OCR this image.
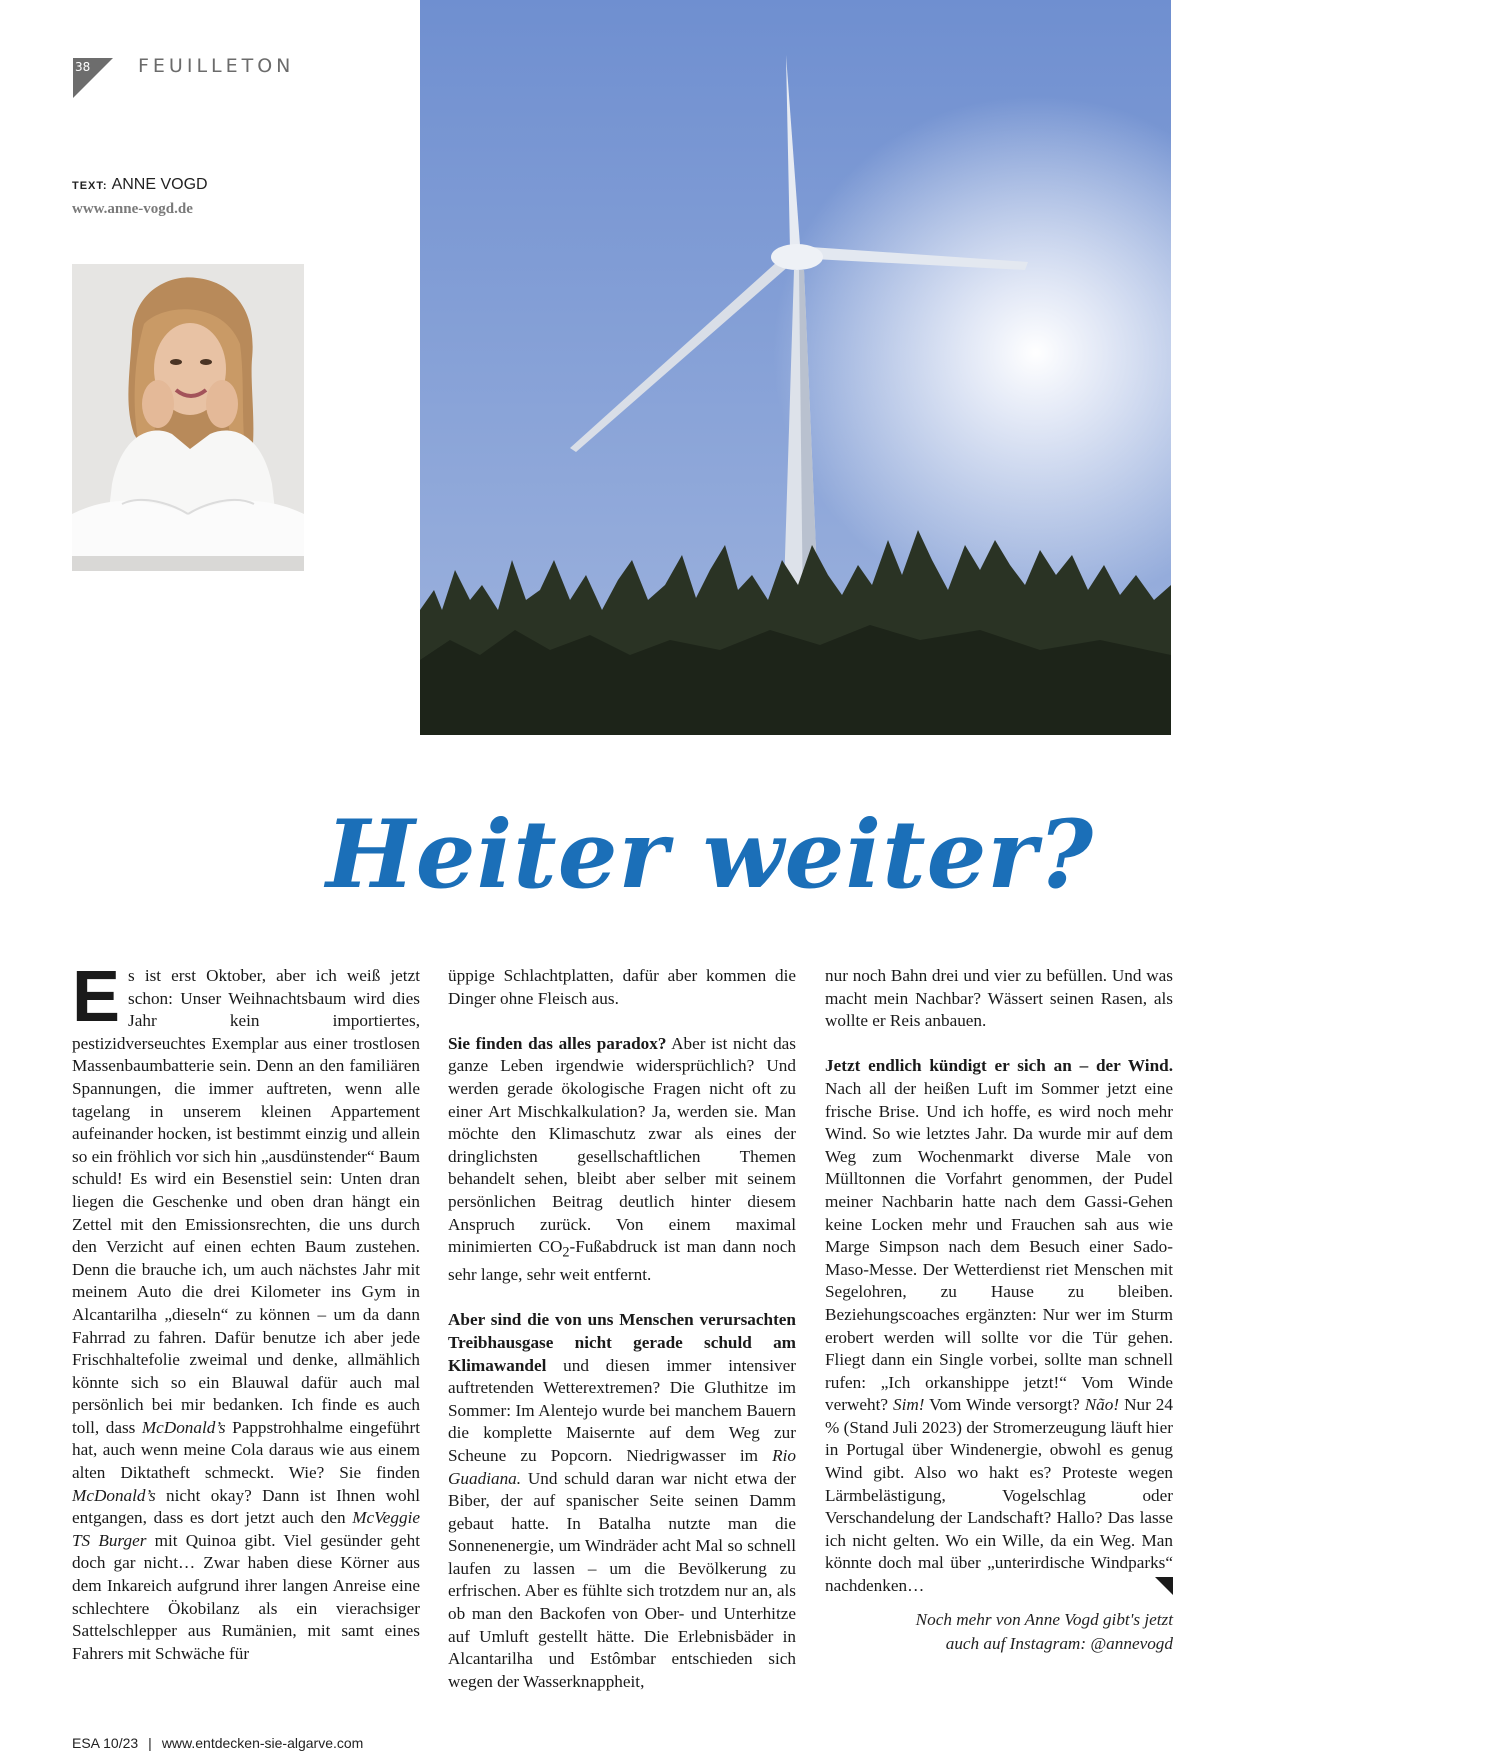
38	FEUILLETON
TEXT: ANNE VOGD
www.anne-vogd.de
Heiter weiter?

Es ist erst Oktober, aber ich weiß jetzt schon: Unser Weihnachtsbaum wird dies Jahr kein importiertes, pestizidverseuchtes Exemplar aus einer trostlosen Massenbaumbatterie sein. Denn an den familiären Spannungen, die immer auftreten, wenn alle tagelang in unserem kleinen Appartement aufeinander hocken, ist bestimmt einzig und allein so ein fröhlich vor sich hin „ausdünstender“ Baum schuld! Es wird ein Besenstiel sein: Unten dran liegen die Geschenke und oben dran hängt ein Zettel mit den Emissionsrechten, die uns durch den Verzicht auf einen echten Baum zustehen. Denn die brauche ich, um auch nächstes Jahr mit meinem Auto die drei Kilometer ins Gym in Alcantarilha „dieseln“ zu können – um da dann Fahrrad zu fahren. Dafür benutze ich aber jede Frischhaltefolie zweimal und denke, allmählich könnte sich so ein Blauwal dafür auch mal persönlich bei mir bedanken. Ich finde es auch toll, dass McDonald’s Pappstrohhalme eingeführt hat, auch wenn meine Cola daraus wie aus einem alten Diktatheft schmeckt. Wie? Sie finden McDonald’s nicht okay? Dann ist Ihnen wohl entgangen, dass es dort jetzt auch den McVeggie TS Burger mit Quinoa gibt. Viel gesünder geht doch gar nicht… Zwar haben diese Körner aus dem Inkareich aufgrund ihrer langen Anreise eine schlechtere Ökobilanz als ein vierachsiger Sattelschlepper aus Rumänien, mit samt eines Fahrers mit Schwäche für

üppige Schlachtplatten, dafür aber kommen die Dinger ohne Fleisch aus.

Sie finden das alles paradox? Aber ist nicht das ganze Leben irgendwie widersprüchlich? Und werden gerade ökologische Fragen nicht oft zu einer Art Mischkalkulation? Ja, werden sie. Man möchte den Klimaschutz zwar als eines der dringlichsten gesellschaftlichen Themen behandelt sehen, bleibt aber selber mit seinem persönlichen Beitrag deutlich hinter diesem Anspruch zurück. Von einem maximal minimierten $CO_2$-Fußabdruck ist man dann noch sehr lange, sehr weit entfernt.

Aber sind die von uns Menschen verursachten Treibhausgase nicht gerade schuld am Klimawandel und diesen immer intensiver auftretenden Wetterextremen? Die Gluthitze im Sommer: Im Alentejo wurde bei manchem Bauern die komplette Maisernte auf dem Weg zur Scheune zu Popcorn. Niedrigwasser im Rio Guadiana. Und schuld daran war nicht etwa der Biber, der auf spanischer Seite seinen Damm gebaut hatte. In Batalha nutzte man die Sonnenenergie, um Windräder acht Mal so schnell laufen zu lassen – um die Bevölkerung zu erfrischen. Aber es fühlte sich trotzdem nur an, als ob man den Backofen von Ober- und Unterhitze auf Umluft gestellt hätte. Die Erlebnisbäder in Alcantarilha und Estômbar entschieden sich wegen der Wasserknappheit,

nur noch Bahn drei und vier zu befüllen. Und was macht mein Nachbar? Wässert seinen Rasen, als wollte er Reis anbauen.

Jetzt endlich kündigt er sich an – der Wind. Nach all der heißen Luft im Sommer jetzt eine frische Brise. Und ich hoffe, es wird noch mehr Wind. So wie letztes Jahr. Da wurde mir auf dem Weg zum Wochenmarkt diverse Male von Mülltonnen die Vorfahrt genommen, der Pudel meiner Nachbarin hatte nach dem Gassi-Gehen keine Locken mehr und Frauchen sah aus wie Marge Simpson nach dem Besuch einer Sado-Maso-Messe. Der Wetterdienst riet Menschen mit Segelohren, zu Hause zu bleiben. Beziehungscoaches ergänzten: Nur wer im Sturm erobert werden will sollte vor die Tür gehen. Fliegt dann ein Single vorbei, sollte man schnell rufen: „Ich orkanshippe jetzt!“ Vom Winde verweht? Sim! Vom Winde versorgt? Não! Nur 24 % (Stand Juli 2023) der Stromerzeugung läuft hier in Portugal über Windenergie, obwohl es genug Wind gibt. Also wo hakt es? Proteste wegen Lärmbelästigung, Vogelschlag oder Verschandelung der Landschaft? Hallo? Das lasse ich nicht gelten. Wo ein Wille, da ein Weg. Man könnte doch mal über „unterirdische Windparks“ nachdenken…

Noch mehr von Anne Vogd gibt's jetzt
auch auf Instagram: @annevogd
ESA 10/23 | www.entdecken-sie-algarve.com
